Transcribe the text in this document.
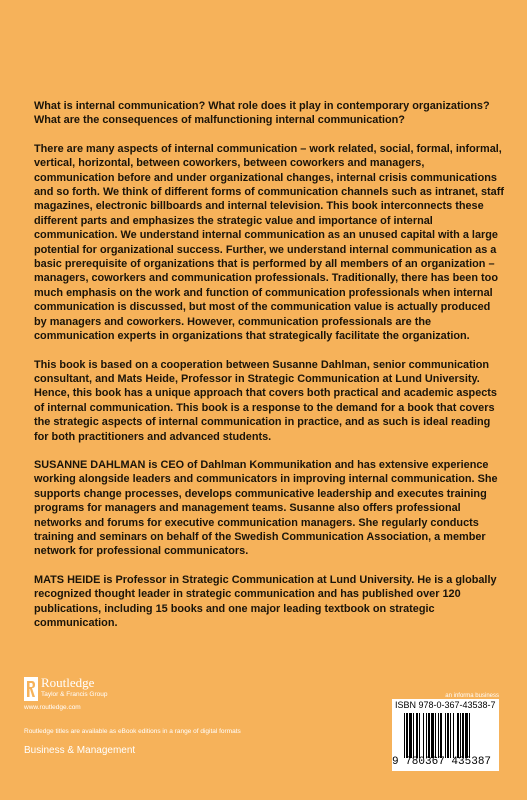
What is internal communication? What role does it play in contemporary organizations? What are the consequences of malfunctioning internal communication?

There are many aspects of internal communication – work related, social, formal, informal, vertical, horizontal, between coworkers, between coworkers and managers, communication before and under organizational changes, internal crisis communications and so forth. We think of different forms of communication channels such as intranet, staff magazines, electronic billboards and internal television. This book interconnects these different parts and emphasizes the strategic value and importance of internal communication. We understand internal communication as an unused capital with a large potential for organizational success. Further, we understand internal communication as a basic prerequisite of organizations that is performed by all members of an organization – managers, coworkers and communication professionals. Traditionally, there has been too much emphasis on the work and function of communication professionals when internal communication is discussed, but most of the communication value is actually produced by managers and coworkers. However, communication professionals are the communication experts in organizations that strategically facilitate the organization.

This book is based on a cooperation between Susanne Dahlman, senior communication consultant, and Mats Heide, Professor in Strategic Communication at Lund University. Hence, this book has a unique approach that covers both practical and academic aspects of internal communication. This book is a response to the demand for a book that covers the strategic aspects of internal communication in practice, and as such is ideal reading for both practitioners and advanced students.

SUSANNE DAHLMAN is CEO of Dahlman Kommunikation and has extensive experience working alongside leaders and communicators in improving internal communication. She supports change processes, develops communicative leadership and executes training programs for managers and management teams. Susanne also offers professional networks and forums for executive communication managers. She regularly conducts training and seminars on behalf of the Swedish Communication Association, a member network for professional communicators.

MATS HEIDE is Professor in Strategic Communication at Lund University. He is a globally recognized thought leader in strategic communication and has published over 120 publications, including 15 books and one major leading textbook on strategic communication.

Routledge
Taylor & Francis Group
www.routledge.com
Routledge titles are available as eBook editions in a range of digital formats
Business & Management
an informa business
ISBN 978-0-367-43538-7
9 780367 435387
